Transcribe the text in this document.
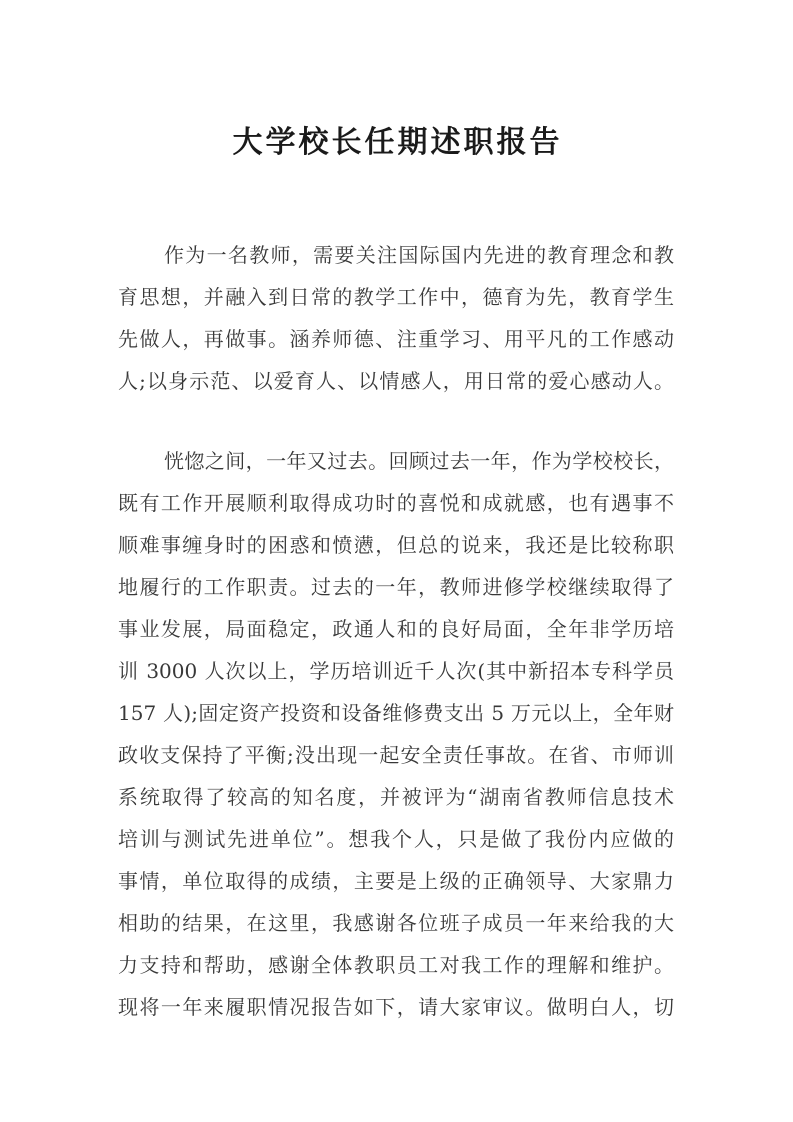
大学校长任期述职报告
作为一名教师，需要关注国际国内先进的教育理念和教
育思想，并融入到日常的教学工作中，德育为先，教育学生
先做人，再做事。涵养师德、注重学习、用平凡的工作感动
人;以身示范、以爱育人、以情感人，用日常的爱心感动人。
恍惚之间，一年又过去。回顾过去一年，作为学校校长，
既有工作开展顺利取得成功时的喜悦和成就感，也有遇事不
顺难事缠身时的困惑和愤懑，但总的说来，我还是比较称职
地履行的工作职责。过去的一年，教师进修学校继续取得了
事业发展，局面稳定，政通人和的良好局面，全年非学历培
训 3000 人次以上，学历培训近千人次(其中新招本专科学员
157 人);固定资产投资和设备维修费支出 5 万元以上，全年财
政收支保持了平衡;没出现一起安全责任事故。在省、市师训
系统取得了较高的知名度，并被评为“湖南省教师信息技术
培训与测试先进单位”。想我个人，只是做了我份内应做的
事情，单位取得的成绩，主要是上级的正确领导、大家鼎力
相助的结果，在这里，我感谢各位班子成员一年来给我的大
力支持和帮助，感谢全体教职员工对我工作的理解和维护。
现将一年来履职情况报告如下，请大家审议。做明白人，切
